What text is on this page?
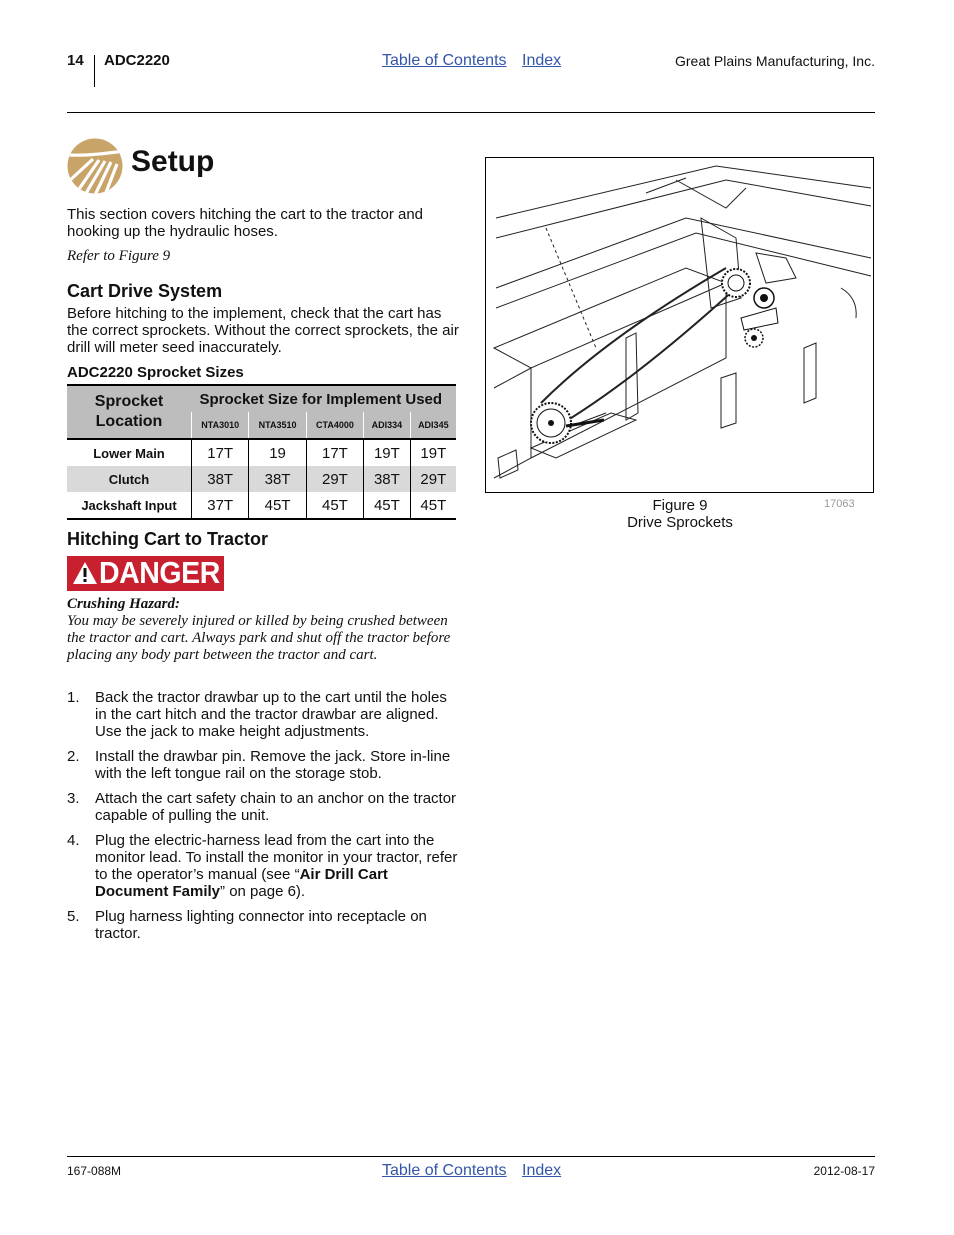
14 ADC2220	Table of Contents Index	Great Plains Manufacturing, Inc.
Setup
This section covers hitching the cart to the tractor and hooking up the hydraulic hoses.
Refer to Figure 9
Cart Drive System
Before hitching to the implement, check that the cart has the correct sprockets. Without the correct sprockets, the air drill will meter seed inaccurately.
ADC2220 Sprocket Sizes
Sprocket Location	Sprocket Size for Implement Used				
	NTA3010	NTA3510	CTA4000	ADI334	ADI345
Lower Main	17T	19	17T	19T	19T
Clutch	38T	38T	29T	38T	29T
Jackshaft Input	37T	45T	45T	45T	45T
Hitching Cart to Tractor
DANGER
Crushing Hazard:
You may be severely injured or killed by being crushed between the tractor and cart. Always park and shut off the tractor before placing any body part between the tractor and cart.
1. Back the tractor drawbar up to the cart until the holes in the cart hitch and the tractor drawbar are aligned. Use the jack to make height adjustments.
2. Install the drawbar pin. Remove the jack. Store in-line with the left tongue rail on the storage stob.
3. Attach the cart safety chain to an anchor on the tractor capable of pulling the unit.
4. Plug the electric-harness lead from the cart into the monitor lead. To install the monitor in your tractor, refer to the operator’s manual (see “Air Drill Cart Document Family” on page 6).
5. Plug harness lighting connector into receptacle on tractor.
Figure 9
Drive Sprockets
17063
167-088M	Table of Contents Index	2012-08-17
